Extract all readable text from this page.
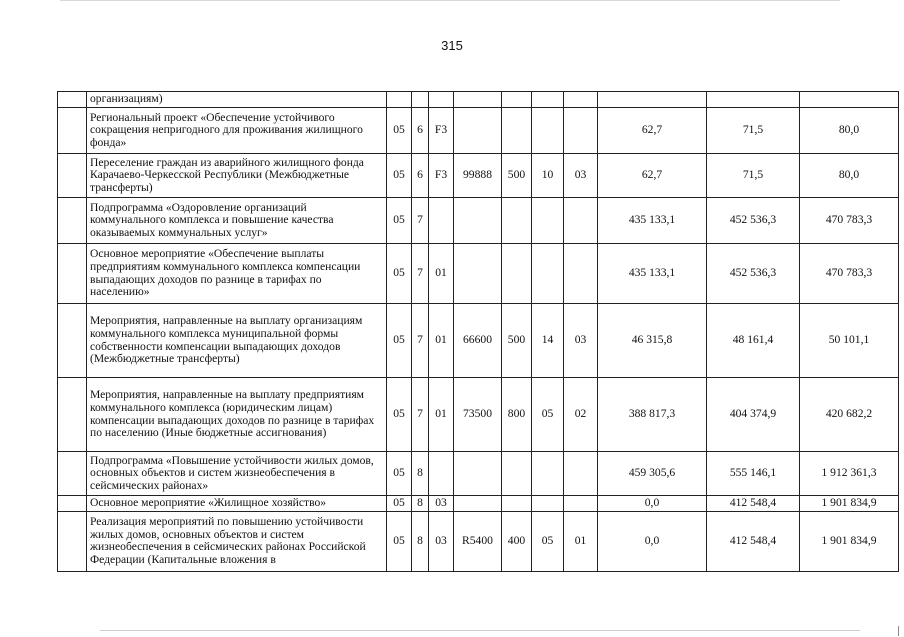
315
	организациям)										
	Региональный проект «Обеспечение устойчивого сокращения непригодного для проживания жилищного фонда»	05	6	F3					62,7	71,5	80,0
	Переселение граждан из аварийного жилищного фонда Карачаево-Черкесской Республики (Межбюджетные трансферты)	05	6	F3	99888	500	10	03	62,7	71,5	80,0
	Подпрограмма «Оздоровление организаций коммунального комплекса и повышение качества оказываемых коммунальных услуг»	05	7						435 133,1	452 536,3	470 783,3
	Основное мероприятие «Обеспечение выплаты предприятиям коммунального комплекса компенсации выпадающих доходов по разнице в тарифах по населению»	05	7	01					435 133,1	452 536,3	470 783,3
	Мероприятия, направленные на выплату организациям коммунального комплекса муниципальной формы собственности компенсации выпадающих доходов (Межбюджетные трансферты)	05	7	01	66600	500	14	03	46 315,8	48 161,4	50 101,1
	Мероприятия, направленные на выплату предприятиям коммунального комплекса (юридическим лицам) компенсации выпадающих доходов по разнице в тарифах по населению (Иные бюджетные ассигнования)	05	7	01	73500	800	05	02	388 817,3	404 374,9	420 682,2
	Подпрограмма «Повышение устойчивости жилых домов, основных объектов и систем жизнеобеспечения в сейсмических районах»	05	8						459 305,6	555 146,1	1 912 361,3
	Основное мероприятие «Жилищное хозяйство»	05	8	03					0,0	412 548,4	1 901 834,9
	Реализация мероприятий по повышению устойчивости жилых домов, основных объектов и систем жизнеобеспечения в сейсмических районах Российской Федерации (Капитальные вложения в	05	8	03	R5400	400	05	01	0,0	412 548,4	1 901 834,9
